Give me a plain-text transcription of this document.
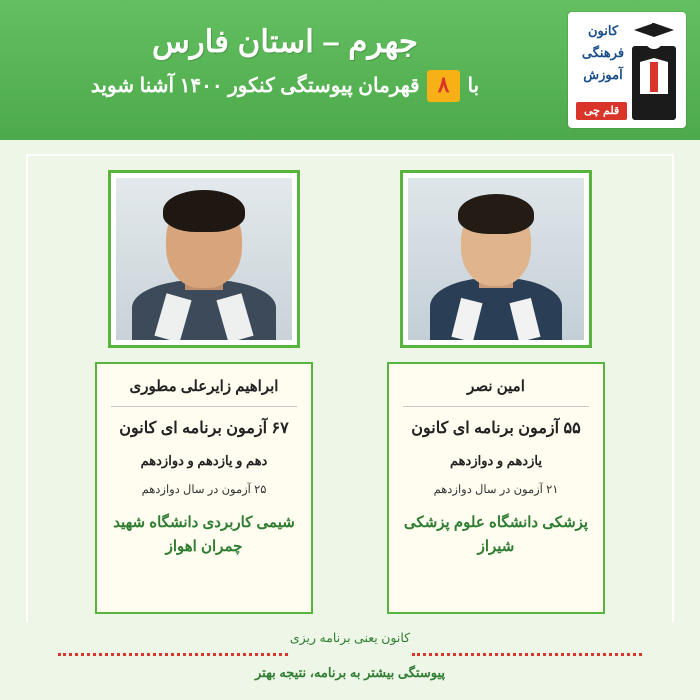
کانون
فرهنگی
آموزش
قلم چی
جهرم – استان فارس
با
۸
قهرمان پیوستگی کنکور ۱۴۰۰ آشنا شوید
امین نصر
۵۵ آزمون برنامه ای کانون
یازدهم و دوازدهم
۲۱ آزمون در سال دوازدهم
پزشکی دانشگاه علوم پزشکی شیراز
ابراهیم زایرعلی مطوری
۶۷ آزمون برنامه ای کانون
دهم و یازدهم و دوازدهم
۲۵ آزمون در سال دوازدهم
شیمی کاربردی دانشگاه شهید چمران اهواز
کانون یعنی برنامه ریزی
پیوستگی بیشتر به برنامه، نتیجه بهتر
